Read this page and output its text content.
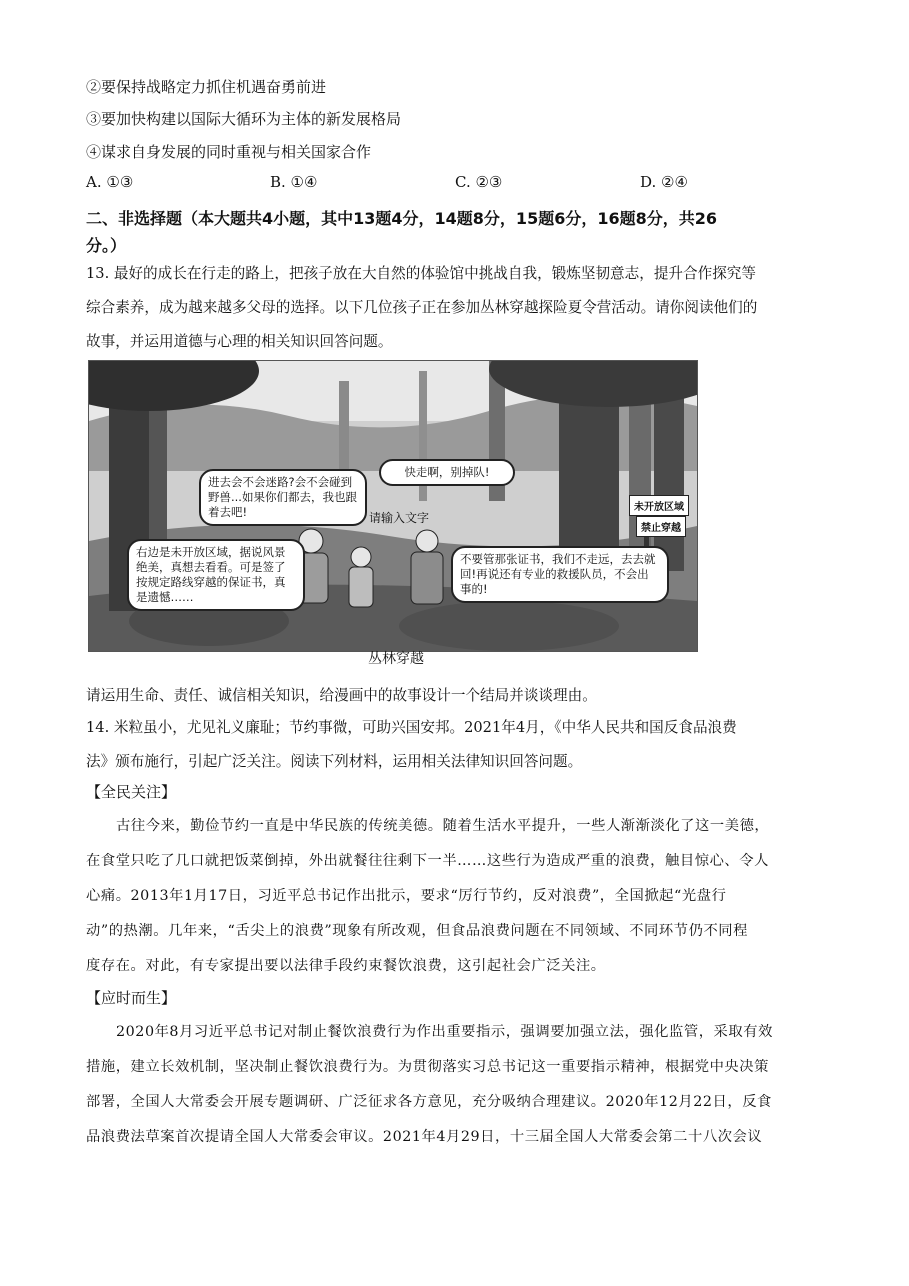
②要保持战略定力抓住机遇奋勇前进
③要加快构建以国际大循环为主体的新发展格局
④谋求自身发展的同时重视与相关国家合作
A. ①③	B. ①④	C. ②③	D. ②④
二、非选择题（本大题共4小题，其中13题4分，14题8分，15题6分，16题8分，共26
分。）
13. 最好的成长在行走的路上，把孩子放在大自然的体验馆中挑战自我，锻炼坚韧意志，提升合作探究等
综合素养，成为越来越多父母的选择。以下几位孩子正在参加丛林穿越探险夏令营活动。请你阅读他们的
故事，并运用道德与心理的相关知识回答问题。
进去会不会迷路?会不会碰到野兽...如果你们都去，我也跟着去吧!
快走啊，别掉队!
请输入文字
右边是未开放区域，据说风景绝美，真想去看看。可是签了按规定路线穿越的保证书，真是遗憾……
不要管那张证书，我们不走远，去去就回!再说还有专业的救援队员，不会出事的!
未开放区域
禁止穿越
丛林穿越
请运用生命、责任、诚信相关知识，给漫画中的故事设计一个结局并谈谈理由。
14. 米粒虽小，尤见礼义廉耻；节约事微，可助兴国安邦。2021年4月，《中华人民共和国反食品浪费
法》颁布施行，引起广泛关注。阅读下列材料，运用相关法律知识回答问题。
【全民关注】
古往今来，勤俭节约一直是中华民族的传统美德。随着生活水平提升，一些人渐渐淡化了这一美德，
在食堂只吃了几口就把饭菜倒掉，外出就餐往往剩下一半……这些行为造成严重的浪费，触目惊心、令人
心痛。2013年1月17日，习近平总书记作出批示，要求“厉行节约，反对浪费”，全国掀起“光盘行
动”的热潮。几年来，“舌尖上的浪费”现象有所改观，但食品浪费问题在不同领域、不同环节仍不同程
度存在。对此，有专家提出要以法律手段约束餐饮浪费，这引起社会广泛关注。
【应时而生】
2020年8月习近平总书记对制止餐饮浪费行为作出重要指示，强调要加强立法，强化监管，采取有效
措施，建立长效机制，坚决制止餐饮浪费行为。为贯彻落实习总书记这一重要指示精神，根据党中央决策
部署，全国人大常委会开展专题调研、广泛征求各方意见，充分吸纳合理建议。2020年12月22日，反食
品浪费法草案首次提请全国人大常委会审议。2021年4月29日，十三届全国人大常委会第二十八次会议
